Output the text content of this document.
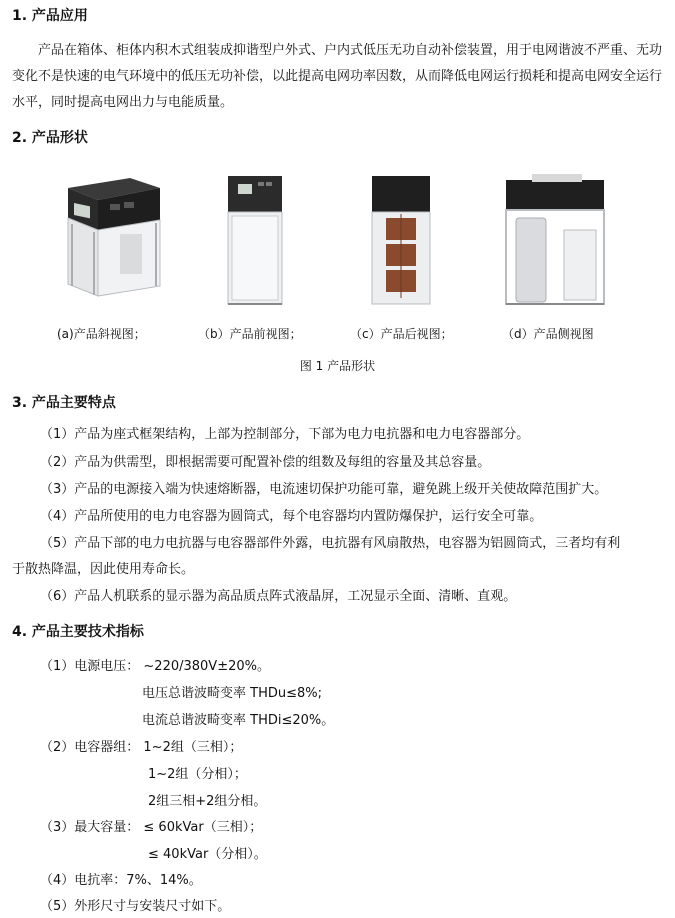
1. 产品应用

产品在箱体、柜体内积木式组装成抑谐型户外式、户内式低压无功自动补偿装置，用于电网谐波不严重、无功变化不是快速的电气环境中的低压无功补偿，以此提高电网功率因数，从而降低电网运行损耗和提高电网安全运行水平，同时提高电网出力与电能质量。

2. 产品形状
(a)产品斜视图；	（b）产品前视图；	（c）产品后视图；	（d）产品侧视图
图 1 产品形状
3. 产品主要特点
（1）产品为座式框架结构，上部为控制部分，下部为电力电抗器和电力电容器部分。
（2）产品为供需型，即根据需要可配置补偿的组数及每组的容量及其总容量。
（3）产品的电源接入端为快速熔断器，电流速切保护功能可靠，避免跳上级开关使故障范围扩大。
（4）产品所使用的电力电容器为圆筒式，每个电容器均内置防爆保护，运行安全可靠。
（5）产品下部的电力电抗器与电容器部件外露，电抗器有风扇散热，电容器为铝圆筒式，三者均有利
于散热降温，因此使用寿命长。
（6）产品人机联系的显示器为高品质点阵式液晶屏，工况显示全面、清晰、直观。
4. 产品主要技术指标
（1）电源电压： ~220/380V±20%。
电压总谐波畸变率 THDu≤8%;
电流总谐波畸变率 THDi≤20%。
（2）电容器组： 1~2组（三相）；
1~2组（分相）；
2组三相+2组分相。
（3）最大容量： ≤ 60kVar（三相）；
≤ 40kVar（分相）。
（4）电抗率：7%、14%。
（5）外形尺寸与安装尺寸如下。
